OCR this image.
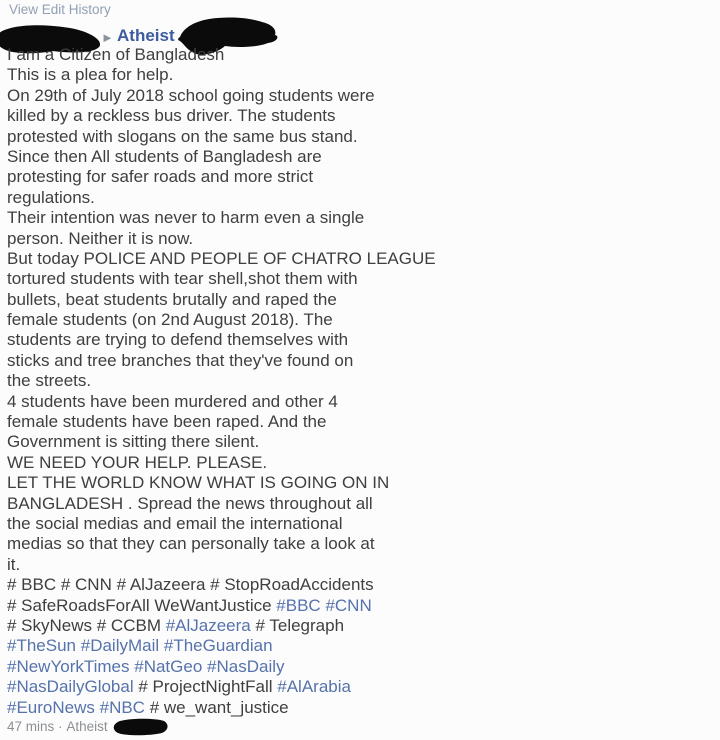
View Edit History
► Atheist
I am a Citizen of Bangladesh
This is a plea for help.
On 29th of July 2018 school going students were
killed by a reckless bus driver. The students
protested with slogans on the same bus stand.
Since then All students of Bangladesh are
protesting for safer roads and more strict
regulations.
Their intention was never to harm even a single
person. Neither it is now.
But today POLICE AND PEOPLE OF CHATRO LEAGUE
tortured students with tear shell,shot them with
bullets, beat students brutally and raped the
female students (on 2nd August 2018). The
students are trying to defend themselves with
sticks and tree branches that they've found on
the streets.
4 students have been murdered and other 4
female students have been raped. And the
Government is sitting there silent.
WE NEED YOUR HELP. PLEASE.
LET THE WORLD KNOW WHAT IS GOING ON IN
BANGLADESH . Spread the news throughout all
the social medias and email the international
medias so that they can personally take a look at
it.
# BBC # CNN # AlJazeera # StopRoadAccidents
# SafeRoadsForAll WeWantJustice #BBC #CNN
# SkyNews # CCBM #AlJazeera # Telegraph
#TheSun #DailyMail #TheGuardian
#NewYorkTimes #NatGeo #NasDaily
#NasDailyGlobal # ProjectNightFall #AlArabia
#EuroNews #NBC # we_want_justice
47 mins · Atheist
